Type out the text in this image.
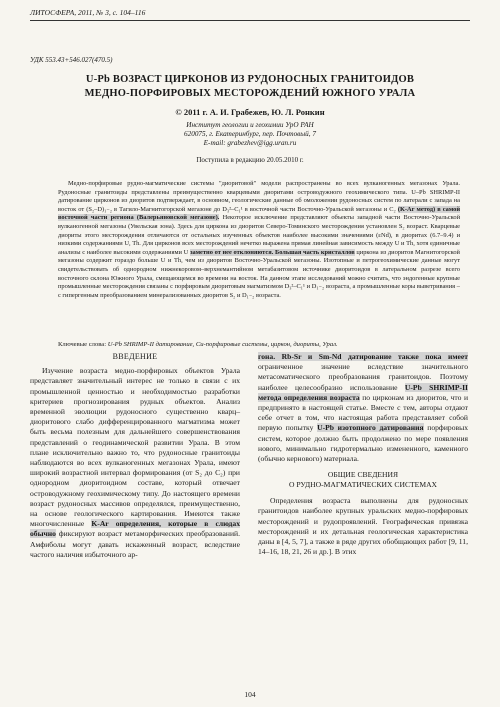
ЛИТОСФЕРА, 2011, № 3, с. 104–116
УДК 553.43+546.027(470.5)
U-Pb ВОЗРАСТ ЦИРКОНОВ ИЗ РУДОНОСНЫХ ГРАНИТОИДОВ
МЕДНО-ПОРФИРОВЫХ МЕСТОРОЖДЕНИЙ ЮЖНОГО УРАЛА
© 2011 г. А. И. Грабежев, Ю. Л. Ронкин
Институт геологии и геохимии УрО РАН
620075, г. Екатеринбург, пер. Почтовый, 7
E-mail: grabezhev@igg.uran.ru
Поступила в редакцию 20.05.2010 г.
Медно-порфировые рудно-магматические системы "диоритовой" модели распространены во всех вулканогенных мегазонах Урала. Рудоносные гранитоиды представлены преимущественно кварцевыми диоритами островодужного геохимического типа. U–Pb SHRIMP-II датирование цирконов из диоритов подтверждает, в основном, геологические данные об омоложении рудоносных систем по латерали с запада на восток от (S₂–D)₁₋₂ в Тагило-Магнитогорской мегазоне до D₃²–C₁¹ в восточной части Восточно-Уральской мегазоны и C₂ (K-Ar метод) в самой восточной части региона (Валерьяновской мегазоне). Некоторое исключение представляют объекты западной части Восточно-Уральской вулканогенной мегазоны (Увельская зона). Здесь для циркона из диоритов Северо-Томинского месторождения установлен S₂ возраст. Кварцевые диориты этого месторождения отличаются от остальных изученных объектов наиболее высокими значениями (εNd), в диоритах (6.7–9.4) и низкими содержаниями U, Th. Для цирконов всех месторождений нечетко выражена прямая линейная зависимость между U и Th, хотя единичные анализы с наиболее высокими содержаниями U заметно от нее отклоняются. Большая часть кристаллов циркона из диоритов Магнитогорской мегазоны содержит гораздо больше U и Th, чем из диоритов Восточно-Уральской мегазоны. Изотопные и петрогеохимические данные могут свидетельствовать об однородном нижнекоровом–верхнемантийном метабазитовом источнике диоритоидов в латеральном разрезе всего восточного склона Южного Урала, смещающемся во времени на восток. На данном этапе исследований можно считать, что эндогенные крупные промышленные месторождения связаны с порфировым диоритовым магматизмом D₃²–C₁¹ и D₁₋₂ возраста, а промышленные коры выветривания – с гипергенным преобразованием минерализованных диоритов S₂ и D₁₋₂ возраста.
Ключевые слова: U-Pb SHRIMP-II датирование, Cu-порфировые системы, циркон, диориты, Урал.
ВВЕДЕНИЕ

Изучение возраста медно-порфировых объектов Урала представляет значительный интерес не только в связи с их промышленной ценностью и необходимостью разработки критериев прогнозирования рудных объектов. Анализ временной эволюции рудоносного существенно кварц–диоритового слабо дифференцированного магматизма может быть весьма полезным для дальнейшего совершенствования представлений о геодинамической развитии Урала. В этом плане исключительно важно то, что рудоносные гранитоиды наблюдаются во всех вулканогенных мегазонах Урала, имеют широкий возрастной интервал формирования (от S₂ до C₂) при однородном диоритоидном составе, который отвечает островодужному геохимическому типу. До настоящего времени возраст рудоносных массивов определялся, преимущественно, на основе геологического картирования. Имеются также многочисленные K-Ar определения, которые в слюдах обычно фиксируют возраст метаморфических преобразований. Амфиболы могут давать искаженный возраст, вследствие частого наличия избыточного ар-

гона. Rb-Sr и Sm-Nd датирование также пока имеет ограниченное значение вследствие значительного метасоматического преобразования гранитоидов. Поэтому наиболее целесообразно использование U-Pb SHRIMP-II метода определения возраста по цирконам из диоритов, что и предпринято в настоящей статье. Вместе с тем, авторы отдают себе отчет в том, что настоящая работа представляет собой первую попытку U-Pb изотопного датирования порфировых систем, которое должно быть продолжено по мере появления нового, минимально гидротермально измененного, каменного (обычно кернового) материала.

ОБЩИЕ СВЕДЕНИЯ
О РУДНО-МАГМАТИЧЕСКИХ СИСТЕМАХ

Определения возраста выполнены для рудоносных гранитоидов наиболее крупных уральских медно-порфировых месторождений и рудопроявлений. Географическая привязка месторождений и их детальная геологическая характеристика даны в [4, 5, 7], а также в ряде других обобщающих работ [9, 11, 14–16, 18, 21, 26 и др.]. В этих

104
